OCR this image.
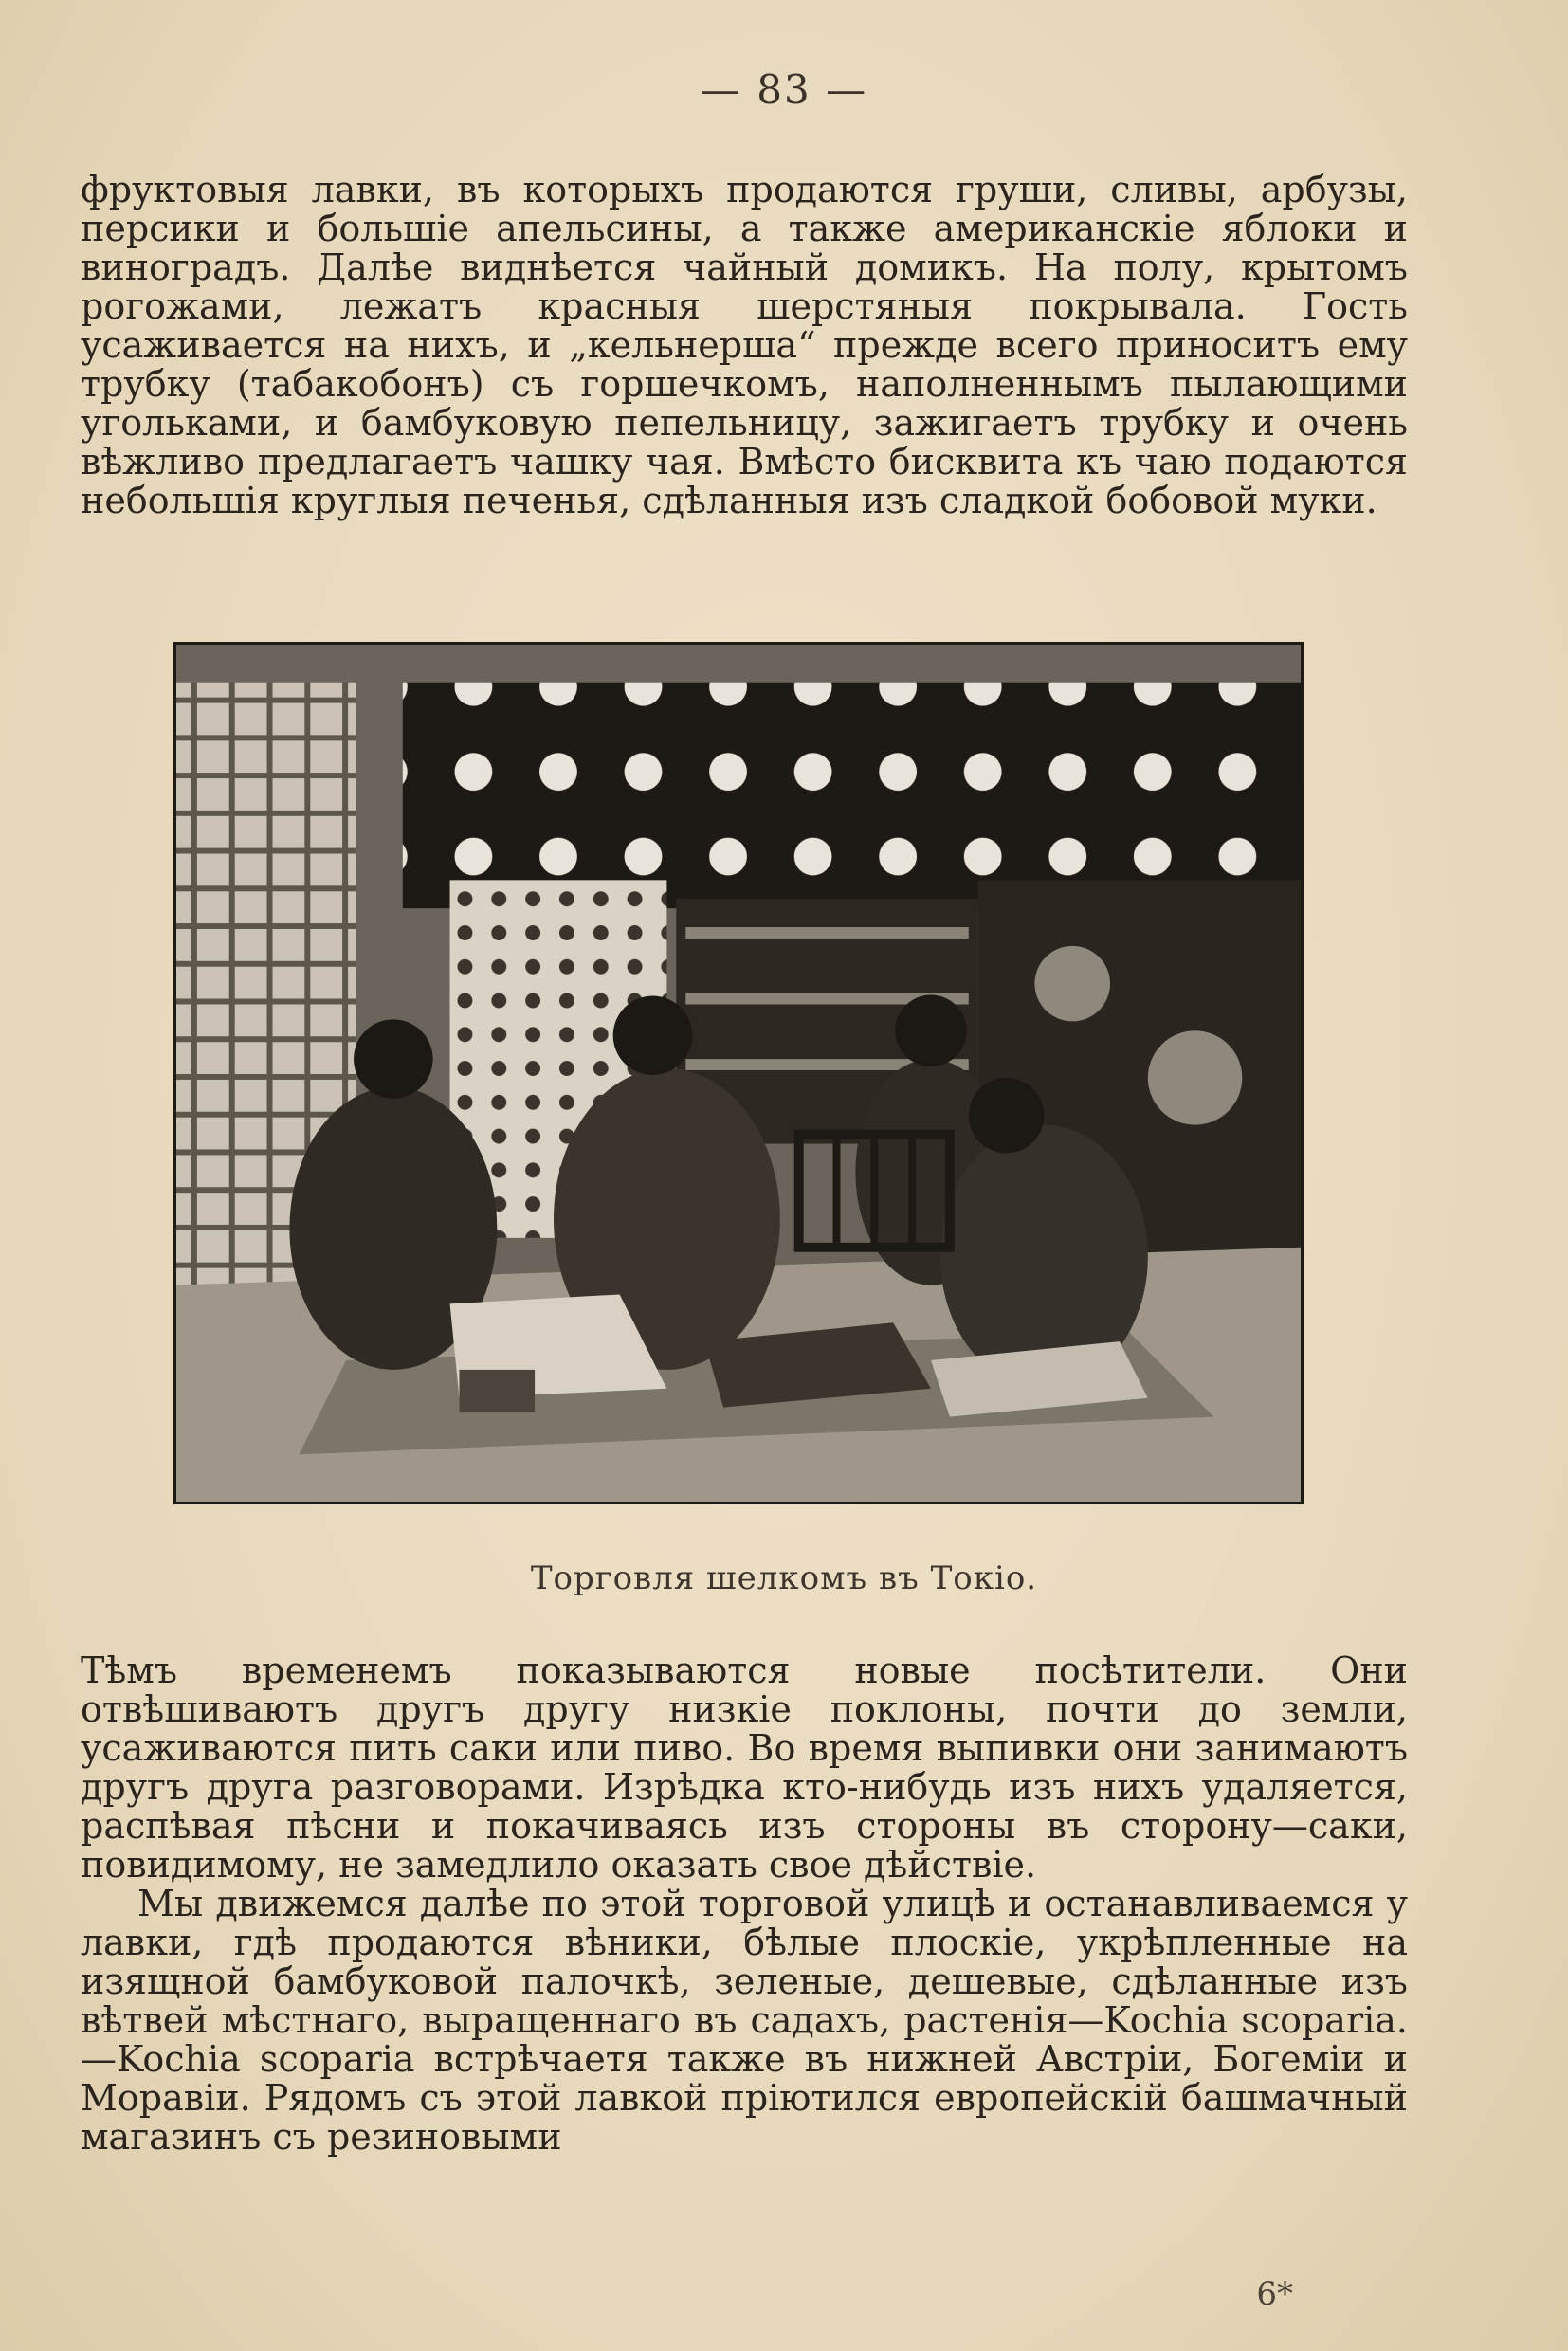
— 83 —

фруктовыя лавки, въ которыхъ продаются груши, сливы, арбузы, персики и большіе апельсины, а также американскіе яблоки и виноградъ. Далѣе виднѣется чайный домикъ. На полу, крытомъ рогожами, лежатъ красныя шерстяныя покрывала. Гость усаживается на нихъ, и „кельнерша“ прежде всего приноситъ ему трубку (табакобонъ) съ горшечкомъ, наполненнымъ пылающими угольками, и бамбуковую пепельницу, зажигаетъ трубку и очень вѣжливо предлагаетъ чашку чая. Вмѣсто бисквита къ чаю подаются небольшія круглыя печенья, сдѣланныя изъ сладкой бобовой муки.

Торговля шелкомъ въ Токіо.

Тѣмъ временемъ показываются новые посѣтители. Они отвѣшиваютъ другъ другу низкіе поклоны, почти до земли, усаживаются пить саки или пиво. Во время выпивки они занимаютъ другъ друга разговорами. Изрѣдка кто-нибудь изъ нихъ удаляется, распѣвая пѣсни и покачиваясь изъ стороны въ сторону—саки, повидимому, не замедлило оказать свое дѣйствіе.

Мы движемся далѣе по этой торговой улицѣ и останавливаемся у лавки, гдѣ продаются вѣники, бѣлые плоскіе, укрѣпленные на изящной бамбуковой палочкѣ, зеленые, дешевые, сдѣланные изъ вѣтвей мѣстнаго, выращеннаго въ садахъ, растенія—Kochia scoparia.—Kochia scoparia встрѣчаетя также въ нижней Австріи, Богеміи и Моравіи. Рядомъ съ этой лавкой пріютился европейскій башмачный магазинъ съ резиновыми

6*
